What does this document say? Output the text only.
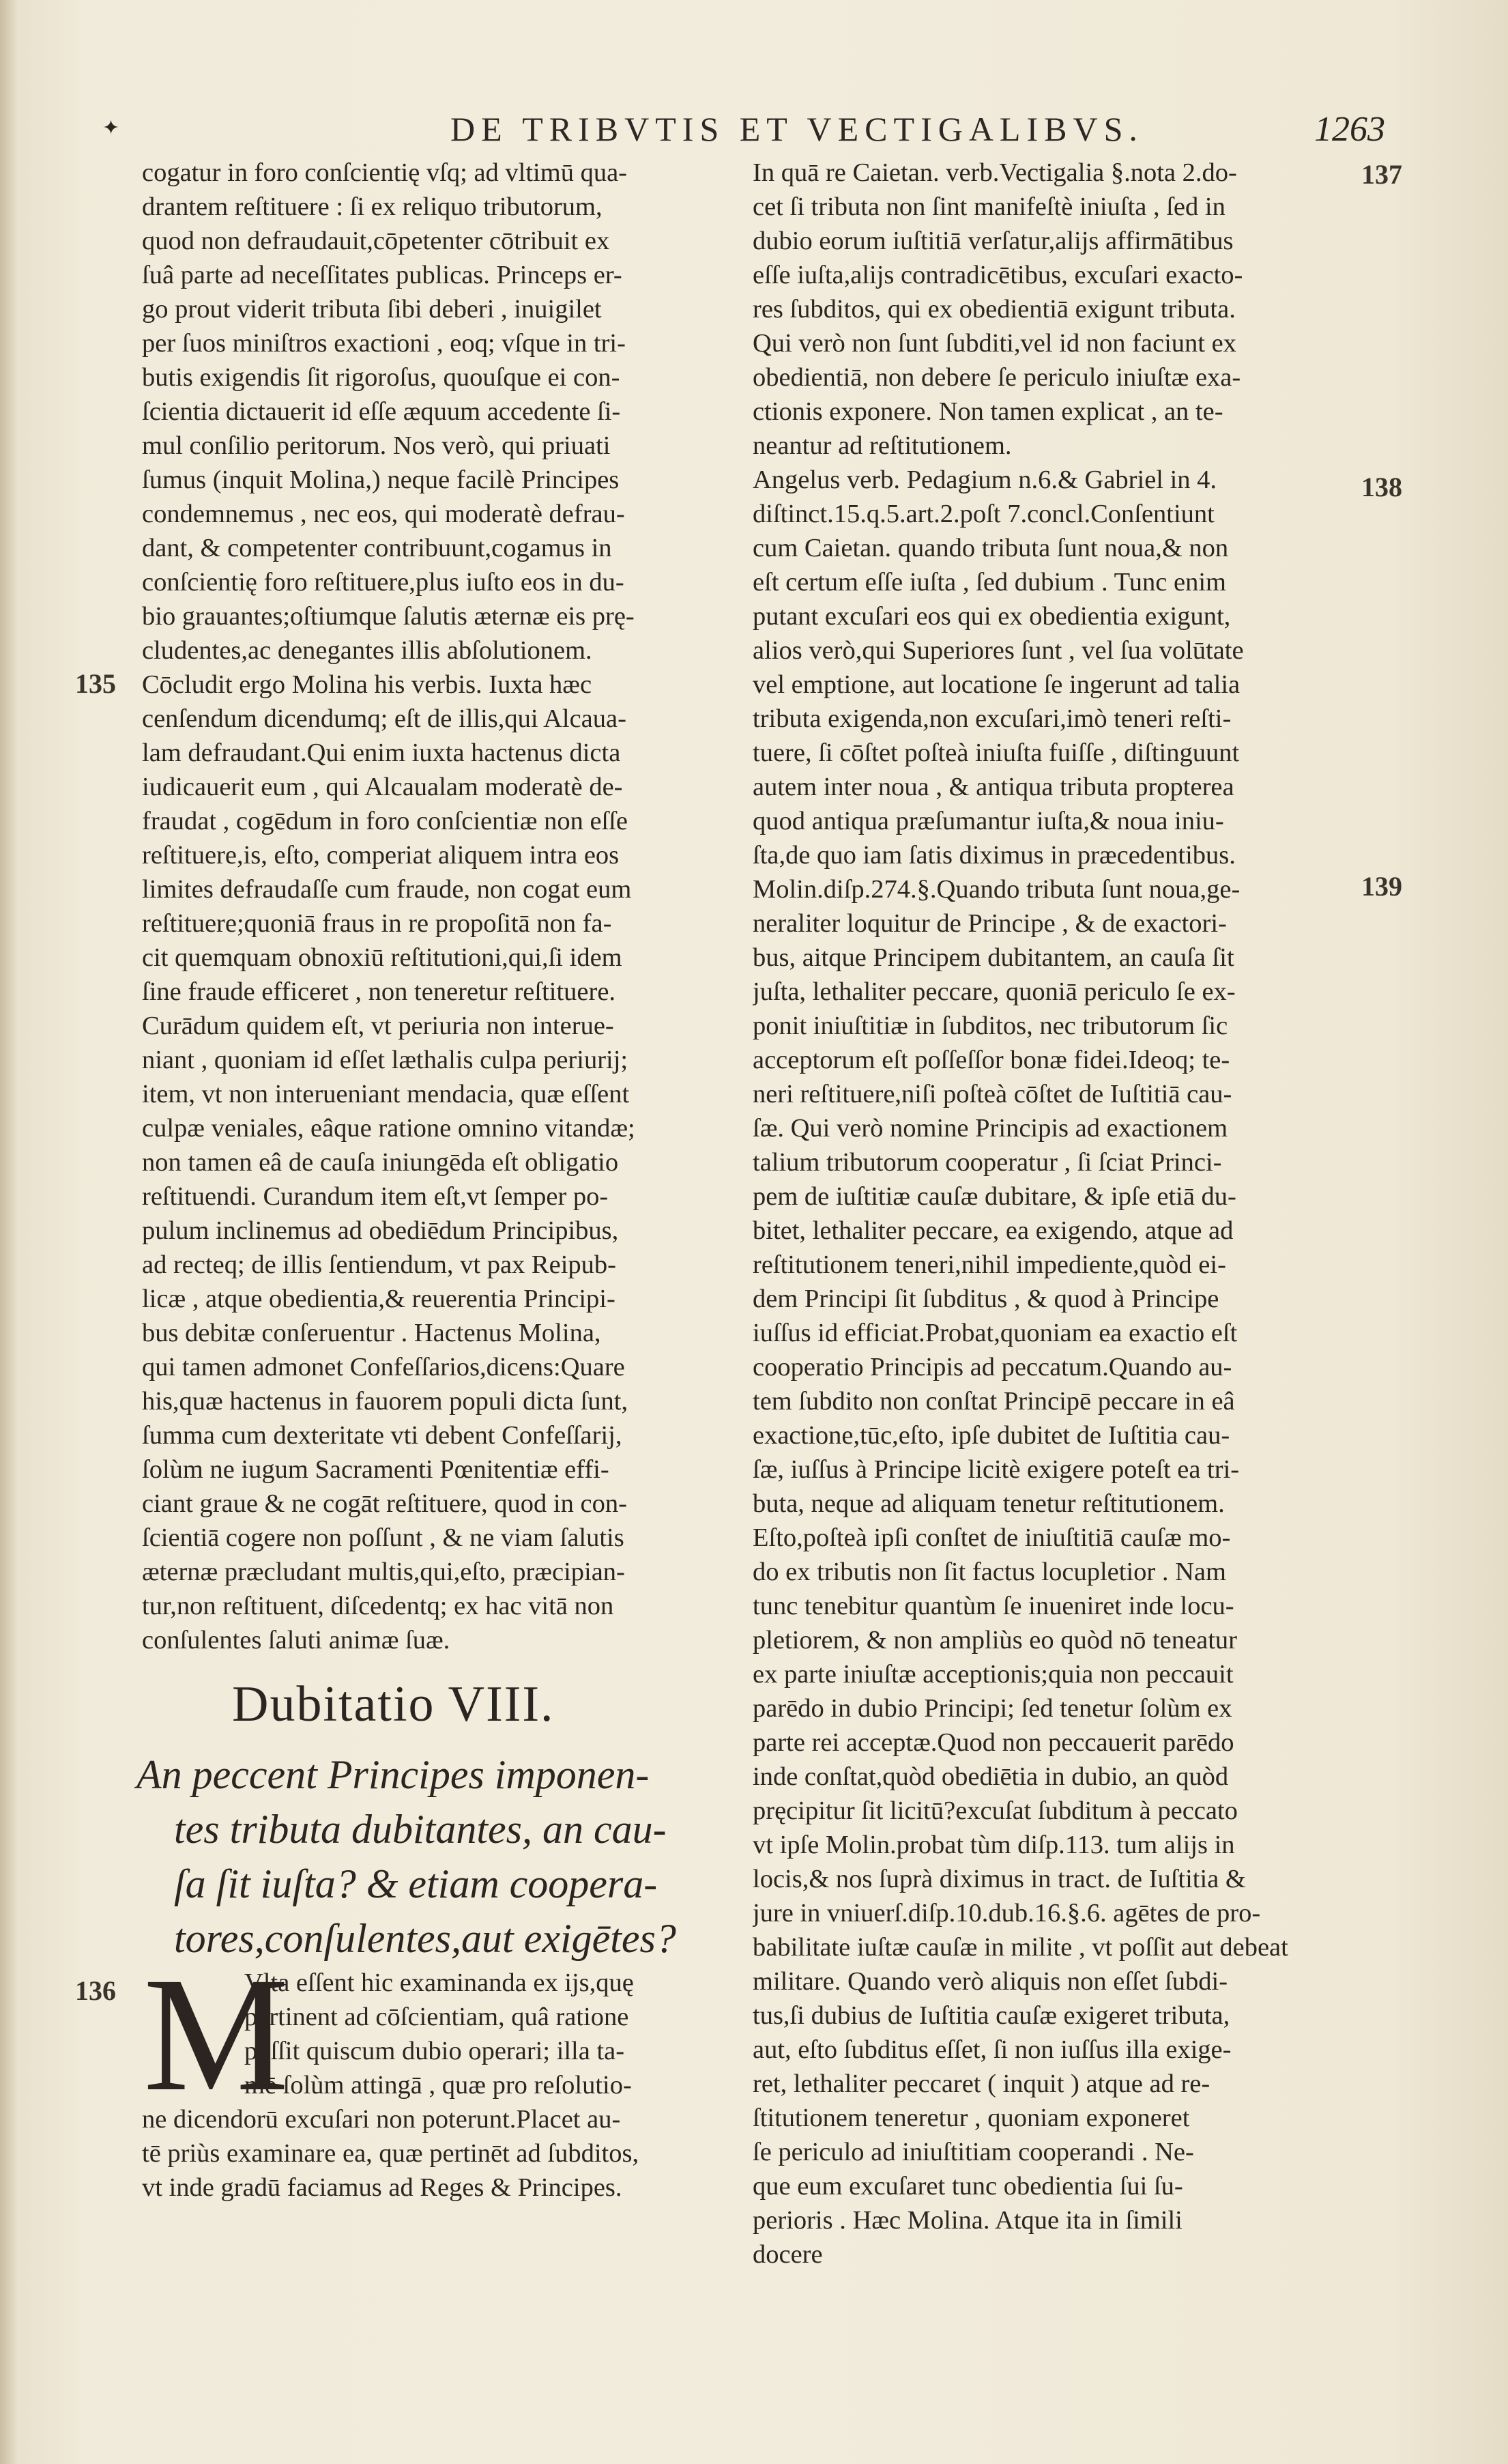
✦	DE TRIBVTIS ET VECTIGALIBVS.	1263
cogatur in foro conſcientię vſq; ad vltimū qua-
drantem reſtituere : ſi ex reliquo tributorum,
quod non defraudauit,cōpetenter cōtribuit ex
ſuâ parte ad neceſſitates publicas. Princeps er-
go prout viderit tributa ſibi deberi , inuigilet
per ſuos miniſtros exactioni , eoq; vſque in tri-
butis exigendis ſit rigoroſus, quouſque ei con-
ſcientia dictauerit id eſſe æquum accedente ſi-
mul conſilio peritorum. Nos verò, qui priuati
ſumus (inquit Molina,) neque facilè Principes
condemnemus , nec eos, qui moderatè defrau-
dant, & competenter contribuunt,cogamus in
conſcientię foro reſtituere,plus iuſto eos in du-
bio grauantes;oſtiumque ſalutis æternæ eis prę-
cludentes,ac denegantes illis abſolutionem.
Cōcludit ergo Molina his verbis. Iuxta hæc
cenſendum dicendumq; eſt de illis,qui Alcaua-
lam defraudant.Qui enim iuxta hactenus dicta
iudicauerit eum , qui Alcaualam moderatè de-
fraudat , cogēdum in foro conſcientiæ non eſſe
reſtituere,is, eſto, comperiat aliquem intra eos
limites defraudaſſe cum fraude, non cogat eum
reſtituere;quoniā fraus in re propoſitā non fa-
cit quemquam obnoxiū reſtitutioni,qui,ſi idem
ſine fraude efficeret , non teneretur reſtituere.
Curādum quidem eſt, vt periuria non interue-
niant , quoniam id eſſet læthalis culpa periurij;
item, vt non interueniant mendacia, quæ eſſent
culpæ veniales, eâque ratione omnino vitandæ;
non tamen eâ de cauſa iniungēda eſt obligatio
reſtituendi. Curandum item eſt,vt ſemper po-
pulum inclinemus ad obediēdum Principibus,
ad recteq; de illis ſentiendum, vt pax Reipub-
licæ , atque obedientia,& reuerentia Principi-
bus debitæ conſeruentur . Hactenus Molina,
qui tamen admonet Confeſſarios,dicens:Quare
his,quæ hactenus in fauorem populi dicta ſunt,
ſumma cum dexteritate vti debent Confeſſarij,
ſolùm ne iugum Sacramenti Pœnitentiæ effi-
ciant graue & ne cogāt reſtituere, quod in con-
ſcientiā cogere non poſſunt , & ne viam ſalutis
æternæ præcludant multis,qui,eſto, præcipian-
tur,non reſtituent, diſcedentq; ex hac vitā non
conſulentes ſaluti animæ ſuæ.
135
Dubitatio VIII.
An peccent Principes imponen-
tes tributa dubitantes, an cau-
ſa ſit iuſta? & etiam coopera-
tores,conſulentes,aut exigētes?
136 M
Vlta eſſent hic examinanda ex ijs,quę
pertinent ad cōſcientiam, quâ ratione
poſſit quiscum dubio operari; illa ta-
mē ſolùm attingā , quæ pro reſolutio-
ne dicendorū excuſari non poterunt.Placet au-
tē priùs examinare ea, quæ pertinēt ad ſubditos,
vt inde gradū faciamus ad Reges & Principes.
In quā re Caietan. verb.Vectigalia §.nota 2.do-
cet ſi tributa non ſint manifeſtè iniuſta , ſed in
dubio eorum iuſtitiā verſatur,alijs affirmātibus
eſſe iuſta,alijs contradicētibus, excuſari exacto-
res ſubditos, qui ex obedientiā exigunt tributa.
Qui verò non ſunt ſubditi,vel id non faciunt ex
obedientiā, non debere ſe periculo iniuſtæ exa-
ctionis exponere. Non tamen explicat , an te-
neantur ad reſtitutionem.
Angelus verb. Pedagium n.6.& Gabriel in 4.
diſtinct.15.q.5.art.2.poſt 7.concl.Conſentiunt
cum Caietan. quando tributa ſunt noua,& non
eſt certum eſſe iuſta , ſed dubium . Tunc enim
putant excuſari eos qui ex obedientia exigunt,
alios verò,qui Superiores ſunt , vel ſua volūtate
vel emptione, aut locatione ſe ingerunt ad talia
tributa exigenda,non excuſari,imò teneri reſti-
tuere, ſi cōſtet poſteà iniuſta fuiſſe , diſtinguunt
autem inter noua , & antiqua tributa propterea
quod antiqua præſumantur iuſta,& noua iniu-
ſta,de quo iam ſatis diximus in præcedentibus.
Molin.diſp.274.§.Quando tributa ſunt noua,ge-
neraliter loquitur de Principe , & de exactori-
bus, aitque Principem dubitantem, an cauſa ſit
juſta, lethaliter peccare, quoniā periculo ſe ex-
ponit iniuſtitiæ in ſubditos, nec tributorum ſic
acceptorum eſt poſſeſſor bonæ fidei.Ideoq; te-
neri reſtituere,niſi poſteà cōſtet de Iuſtitiā cau-
ſæ. Qui verò nomine Principis ad exactionem
talium tributorum cooperatur , ſi ſciat Princi-
pem de iuſtitiæ cauſæ dubitare, & ipſe etiā du-
bitet, lethaliter peccare, ea exigendo, atque ad
reſtitutionem teneri,nihil impediente,quòd ei-
dem Principi ſit ſubditus , & quod à Principe
iuſſus id efficiat.Probat,quoniam ea exactio eſt
cooperatio Principis ad peccatum.Quando au-
tem ſubdito non conſtat Principē peccare in eâ
exactione,tūc,eſto, ipſe dubitet de Iuſtitia cau-
ſæ, iuſſus à Principe licitè exigere poteſt ea tri-
buta, neque ad aliquam tenetur reſtitutionem.
Eſto,poſteà ipſi conſtet de iniuſtitiā cauſæ mo-
do ex tributis non ſit factus locupletior . Nam
tunc tenebitur quantùm ſe inueniret inde locu-
pletiorem, & non ampliùs eo quòd nō teneatur
ex parte iniuſtæ acceptionis;quia non peccauit
parēdo in dubio Principi; ſed tenetur ſolùm ex
parte rei acceptæ.Quod non peccauerit parēdo
inde conſtat,quòd obediētia in dubio, an quòd
pręcipitur ſit licitū?excuſat ſubditum à peccato
vt ipſe Molin.probat tùm diſp.113. tum alijs in
locis,& nos ſuprà diximus in tract. de Iuſtitia &
jure in vniuerſ.diſp.10.dub.16.§.6. agētes de pro-
babilitate iuſtæ cauſæ in milite , vt poſſit aut debeat
militare. Quando verò aliquis non eſſet ſubdi-
tus,ſi dubius de Iuſtitia cauſæ exigeret tributa,
aut, eſto ſubditus eſſet, ſi non iuſſus illa exige-
ret, lethaliter peccaret ( inquit ) atque ad re-
ſtitutionem teneretur , quoniam exponeret
ſe periculo ad iniuſtitiam cooperandi . Ne-
que eum excuſaret tunc obedientia ſui ſu-
perioris . Hæc Molina. Atque ita in ſimili
docere
137
138
139
